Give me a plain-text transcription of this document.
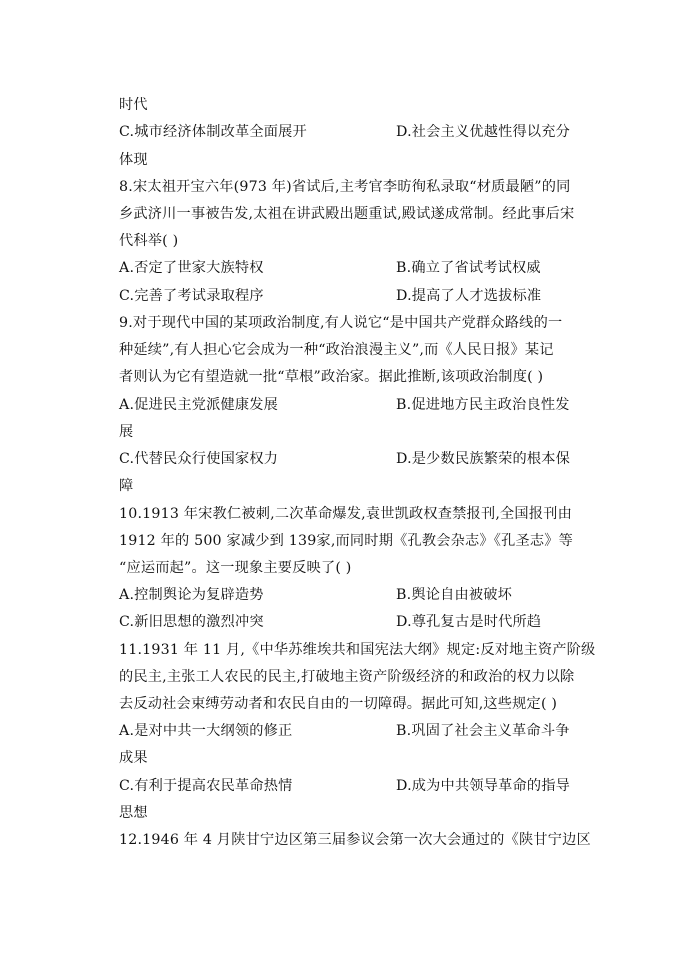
时代
C.城市经济体制改革全面展开	D.社会主义优越性得以充分
体现
8.宋太祖开宝六年(973 年)省试后,主考官李昉徇私录取“材质最陋”的同
乡武济川一事被告发,太祖在讲武殿出题重试,殿试遂成常制。经此事后宋
代科举( )
A.否定了世家大族特权	B.确立了省试考试权威
C.完善了考试录取程序	D.提高了人才选拔标准
9.对于现代中国的某项政治制度,有人说它“是中国共产党群众路线的一
种延续”,有人担心它会成为一种“政治浪漫主义”,而《人民日报》某记
者则认为它有望造就一批“草根”政治家。据此推断,该项政治制度( )
A.促进民主党派健康发展	B.促进地方民主政治良性发
展
C.代替民众行使国家权力	D.是少数民族繁荣的根本保
障
10.1913 年宋教仁被刺,二次革命爆发,袁世凯政权查禁报刊,全国报刊由
1912 年的 500 家减少到 139家,而同时期《孔教会杂志》《孔圣志》等
“应运而起”。这一现象主要反映了( )
A.控制舆论为复辟造势	B.舆论自由被破坏
C.新旧思想的激烈冲突	D.尊孔复古是时代所趋
11.1931 年 11 月,《中华苏维埃共和国宪法大纲》规定:反对地主资产阶级
的民主,主张工人农民的民主,打破地主资产阶级经济的和政治的权力以除
去反动社会束缚劳动者和农民自由的一切障碍。据此可知,这些规定( )
A.是对中共一大纲领的修正	B.巩固了社会主义革命斗争
成果
C.有利于提高农民革命热情	D.成为中共领导革命的指导
思想
12.1946 年 4 月陕甘宁边区第三届参议会第一次大会通过的《陕甘宁边区
